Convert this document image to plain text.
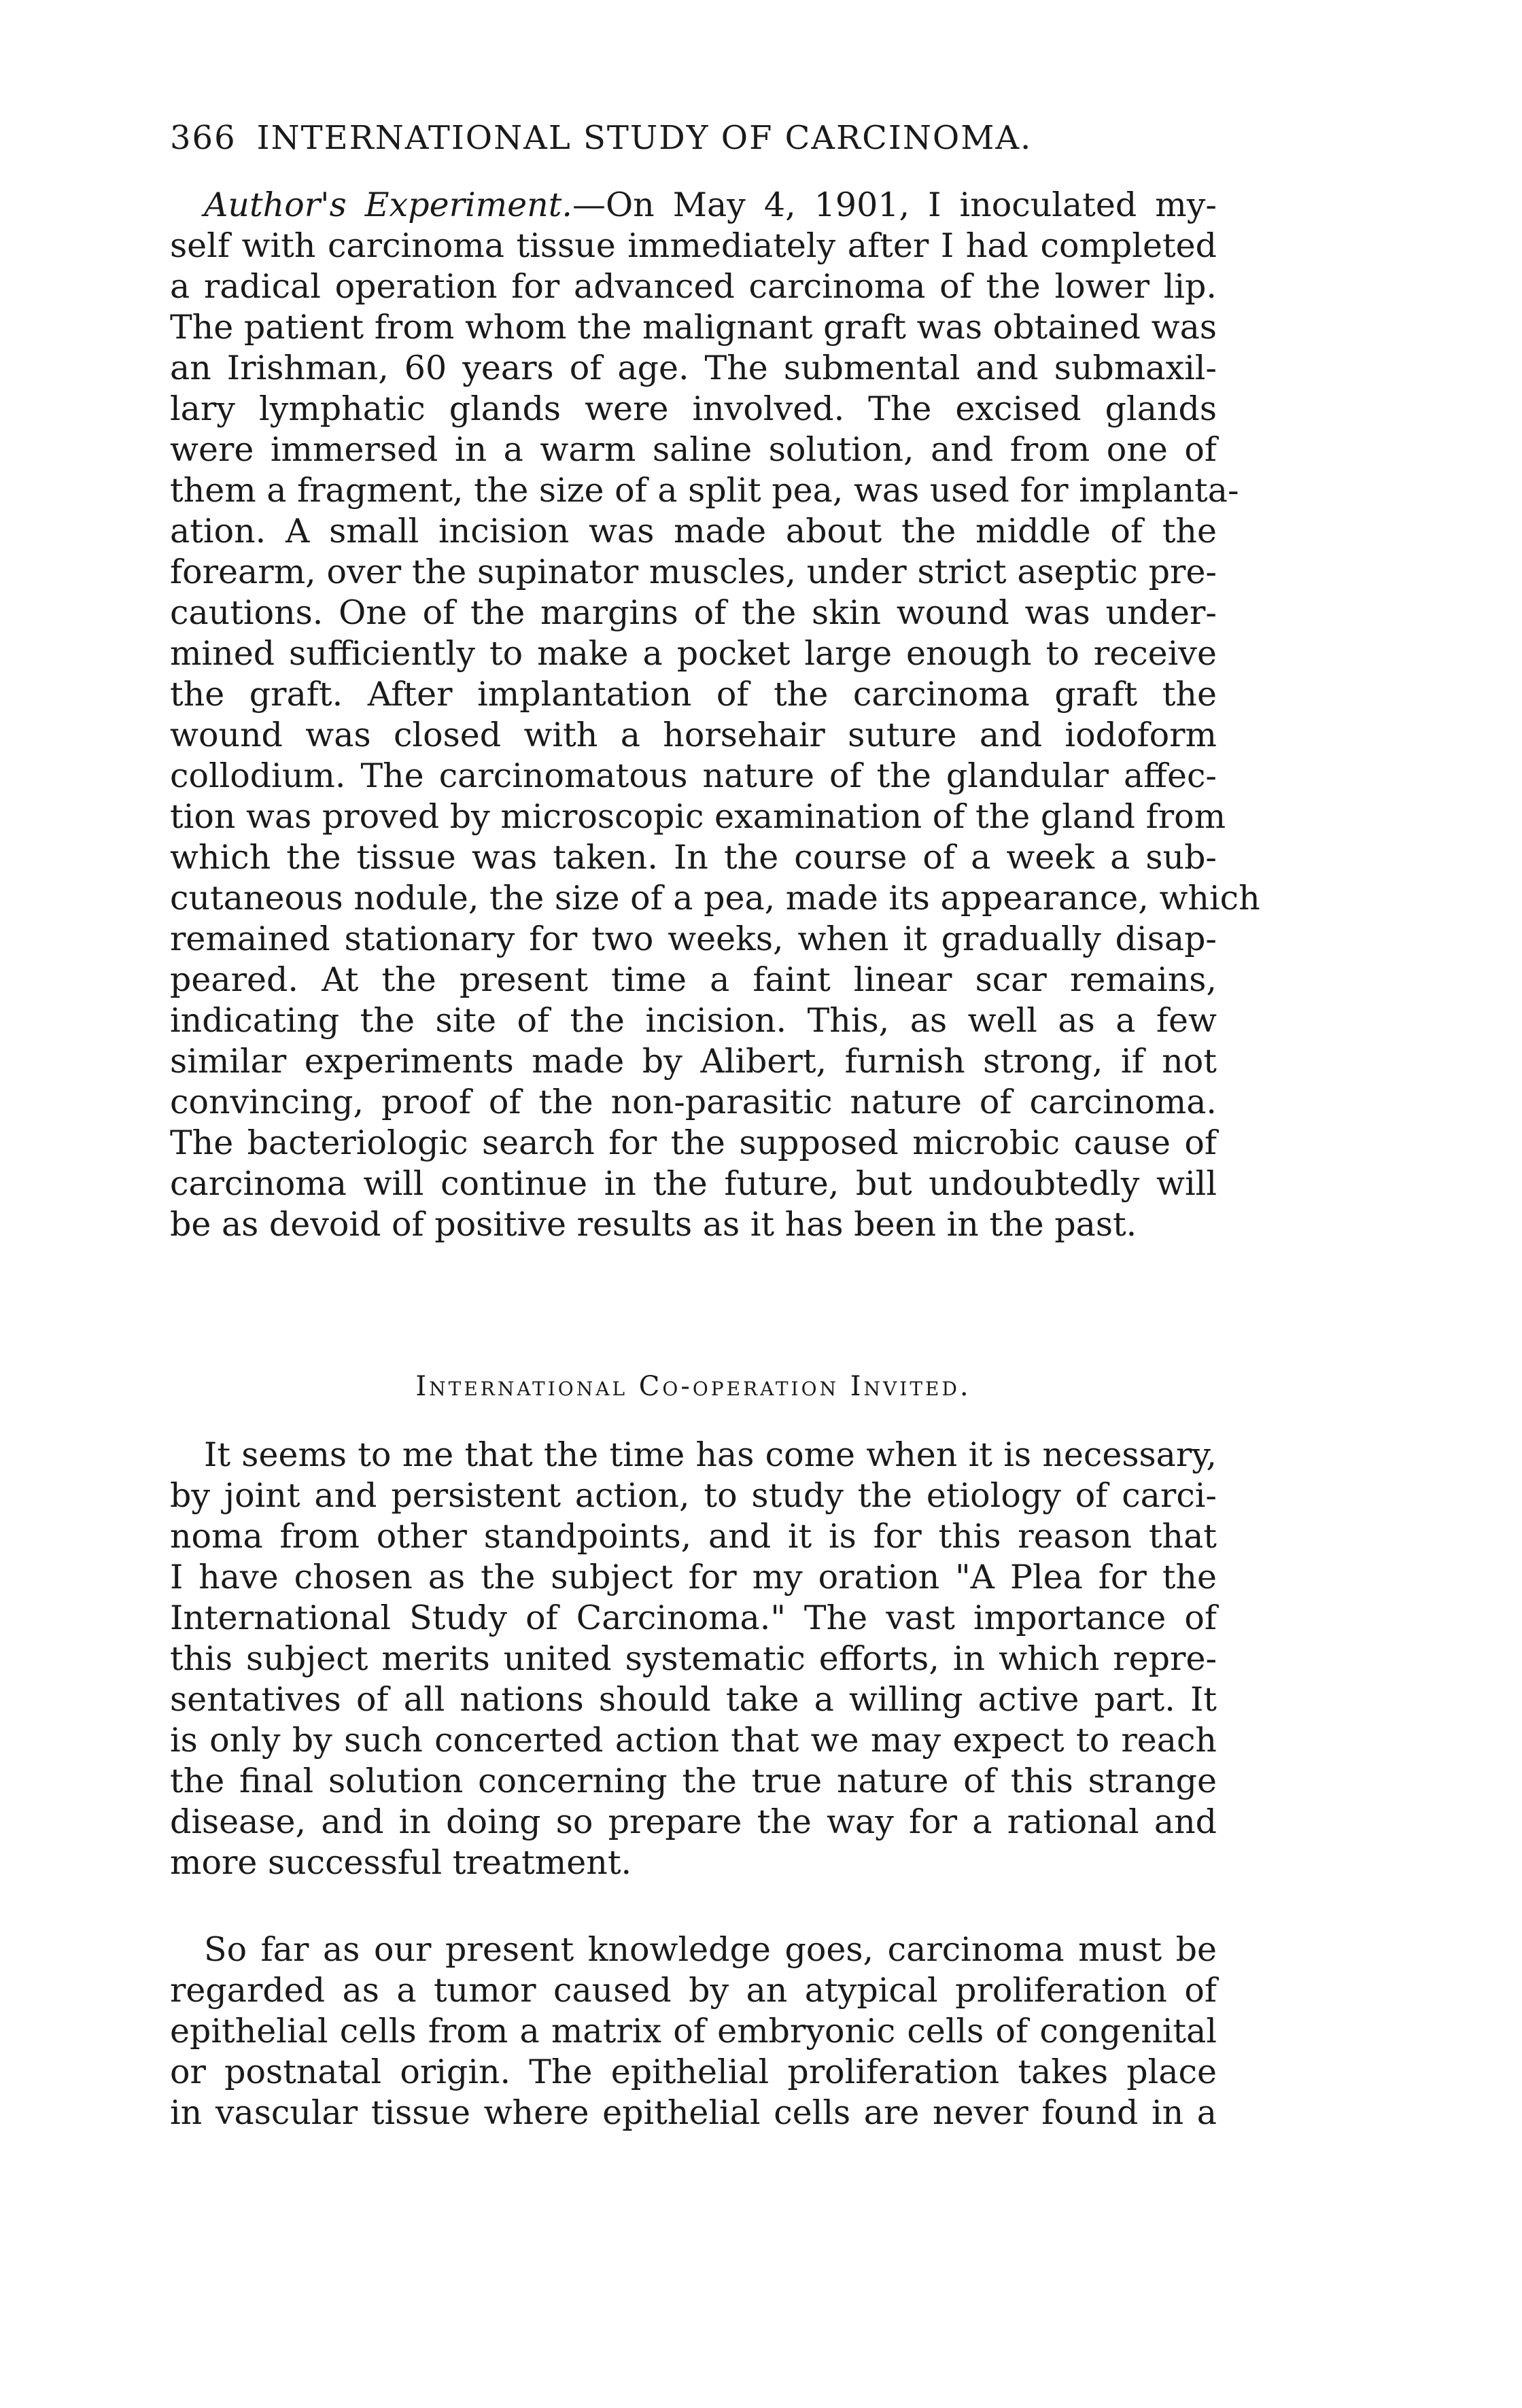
366 INTERNATIONAL STUDY OF CARCINOMA.
Author's Experiment.—On May 4, 1901, I inoculated my-
self with carcinoma tissue immediately after I had completed
a radical operation for advanced carcinoma of the lower lip.
The patient from whom the malignant graft was obtained was
an Irishman, 60 years of age. The submental and submaxil-
lary lymphatic glands were involved. The excised glands
were immersed in a warm saline solution, and from one of
them a fragment, the size of a split pea, was used for implanta-
ation. A small incision was made about the middle of the
forearm, over the supinator muscles, under strict aseptic pre-
cautions. One of the margins of the skin wound was under-
mined sufficiently to make a pocket large enough to receive
the graft. After implantation of the carcinoma graft the
wound was closed with a horsehair suture and iodoform
collodium. The carcinomatous nature of the glandular affec-
tion was proved by microscopic examination of the gland from
which the tissue was taken. In the course of a week a sub-
cutaneous nodule, the size of a pea, made its appearance, which
remained stationary for two weeks, when it gradually disap-
peared. At the present time a faint linear scar remains,
indicating the site of the incision. This, as well as a few
similar experiments made by Alibert, furnish strong, if not
convincing, proof of the non-parasitic nature of carcinoma.
The bacteriologic search for the supposed microbic cause of
carcinoma will continue in the future, but undoubtedly will
be as devoid of positive results as it has been in the past.
International Co-operation Invited.
It seems to me that the time has come when it is necessary,
by joint and persistent action, to study the etiology of carci-
noma from other standpoints, and it is for this reason that
I have chosen as the subject for my oration "A Plea for the
International Study of Carcinoma." The vast importance of
this subject merits united systematic efforts, in which repre-
sentatives of all nations should take a willing active part. It
is only by such concerted action that we may expect to reach
the final solution concerning the true nature of this strange
disease, and in doing so prepare the way for a rational and
more successful treatment.
So far as our present knowledge goes, carcinoma must be
regarded as a tumor caused by an atypical proliferation of
epithelial cells from a matrix of embryonic cells of congenital
or postnatal origin. The epithelial proliferation takes place
in vascular tissue where epithelial cells are never found in a
